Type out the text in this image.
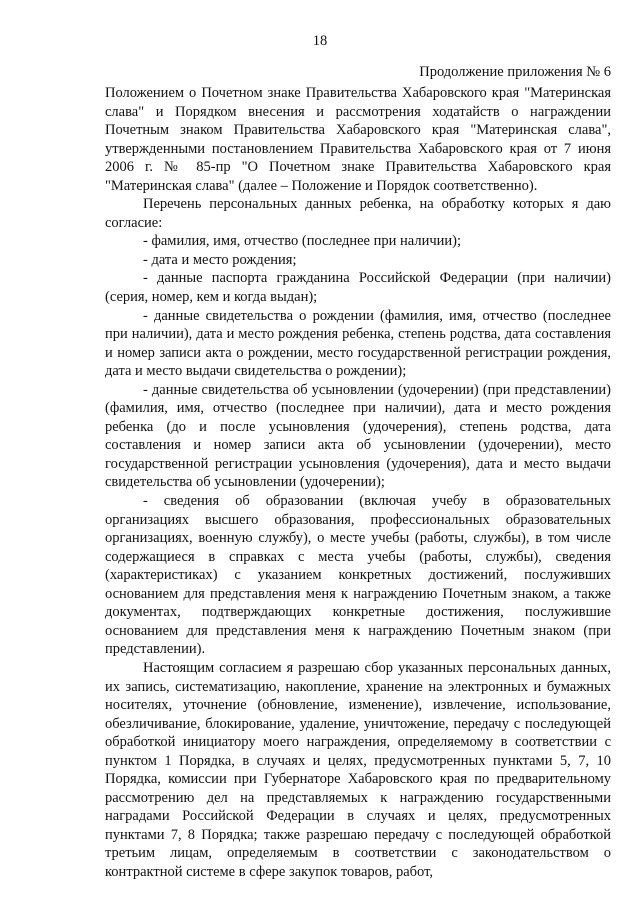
18
Продолжение приложения № 6

Положением о Почетном знаке Правительства Хабаровского края "Материнская слава" и Порядком внесения и рассмотрения ходатайств о награждении Почетным знаком Правительства Хабаровского края "Материнская слава", утвержденными постановлением Правительства Хабаровского края от 7 июня 2006 г. № 85-пр "О Почетном знаке Правительства Хабаровского края "Материнская слава" (далее – Положение и Порядок соответственно).

Перечень персональных данных ребенка, на обработку которых я даю согласие:

- фамилия, имя, отчество (последнее при наличии);

- дата и место рождения;

- данные паспорта гражданина Российской Федерации (при наличии) (серия, номер, кем и когда выдан);

- данные свидетельства о рождении (фамилия, имя, отчество (последнее при наличии), дата и место рождения ребенка, степень родства, дата составления и номер записи акта о рождении, место государственной регистрации рождения, дата и место выдачи свидетельства о рождении);

- данные свидетельства об усыновлении (удочерении) (при представлении) (фамилия, имя, отчество (последнее при наличии), дата и место рождения ребенка (до и после усыновления (удочерения), степень родства, дата составления и номер записи акта об усыновлении (удочерении), место государственной регистрации усыновления (удочерения), дата и место выдачи свидетельства об усыновлении (удочерении);

- сведения об образовании (включая учебу в образовательных организациях высшего образования, профессиональных образовательных организациях, военную службу), о месте учебы (работы, службы), в том числе содержащиеся в справках с места учебы (работы, службы), сведения (характеристиках) с указанием конкретных достижений, послуживших основанием для представления меня к награждению Почетным знаком, а также документах, подтверждающих конкретные достижения, послужившие основанием для представления меня к награждению Почетным знаком (при представлении).

Настоящим согласием я разрешаю сбор указанных персональных данных, их запись, систематизацию, накопление, хранение на электронных и бумажных носителях, уточнение (обновление, изменение), извлечение, использование, обезличивание, блокирование, удаление, уничтожение, передачу с последующей обработкой инициатору моего награждения, определяемому в соответствии с пунктом 1 Порядка, в случаях и целях, предусмотренных пунктами 5, 7, 10 Порядка, комиссии при Губернаторе Хабаровского края по предварительному рассмотрению дел на представляемых к награждению государственными наградами Российской Федерации в случаях и целях, предусмотренных пунктами 7, 8 Порядка; также разрешаю передачу с последующей обработкой третьим лицам, определяемым в соответствии с законодательством о контрактной системе в сфере закупок товаров, работ,
